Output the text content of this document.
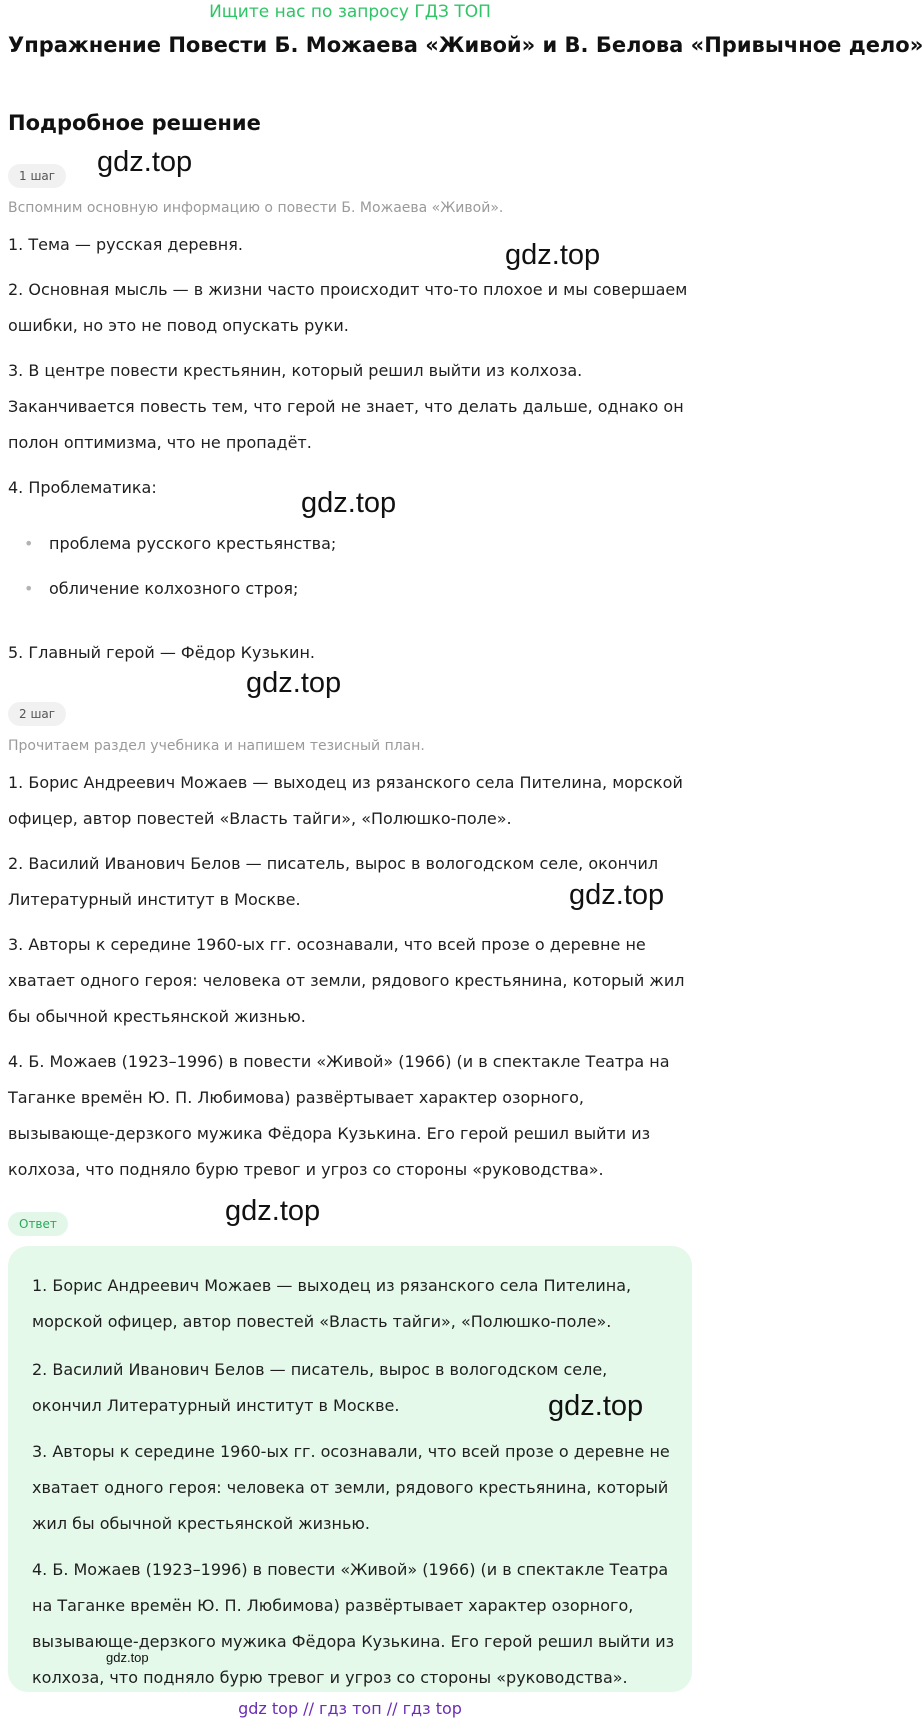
Ищите нас по запросу ГДЗ ТОП
Упражнение Повести Б. Можаева «Живой» и В. Белова «Привычное дело»
Подробное решение
1 шаг
Вспомним основную информацию о повести Б. Можаева «Живой».
1. Тема — русская деревня.
2. Основная мысль — в жизни часто происходит что-то плохое и мы совершаем ошибки, но это не повод опускать руки.
3. В центре повести крестьянин, который решил выйти из колхоза. Заканчивается повесть тем, что герой не знает, что делать дальше, однако он полон оптимизма, что не пропадёт.
4. Проблематика:
• проблема русского крестьянства;
• обличение колхозного строя;
5. Главный герой — Фёдор Кузькин.
2 шаг
Прочитаем раздел учебника и напишем тезисный план.
1. Борис Андреевич Можаев — выходец из рязанского села Пителина, морской офицер, автор повестей «Власть тайги», «Полюшко-поле».
2. Василий Иванович Белов — писатель, вырос в вологодском селе, окончил Литературный институт в Москве.
3. Авторы к середине 1960-ых гг. осознавали, что всей прозе о деревне не хватает одного героя: человека от земли, рядового крестьянина, который жил бы обычной крестьянской жизнью.
4. Б. Можаев (1923–1996) в повести «Живой» (1966) (и в спектакле Театра на Таганке времён Ю. П. Любимова) развёртывает характер озорного, вызывающе-дерзкого мужика Фёдора Кузькина. Его герой решил выйти из колхоза, что подняло бурю тревог и угроз со стороны «руководства».
Ответ
1. Борис Андреевич Можаев — выходец из рязанского села Пителина, морской офицер, автор повестей «Власть тайги», «Полюшко-поле».
2. Василий Иванович Белов — писатель, вырос в вологодском селе, окончил Литературный институт в Москве.
3. Авторы к середине 1960-ых гг. осознавали, что всей прозе о деревне не хватает одного героя: человека от земли, рядового крестьянина, который жил бы обычной крестьянской жизнью.
4. Б. Можаев (1923–1996) в повести «Живой» (1966) (и в спектакле Театра на Таганке времён Ю. П. Любимова) развёртывает характер озорного, вызывающе-дерзкого мужика Фёдора Кузькина. Его герой решил выйти из колхоза, что подняло бурю тревог и угроз со стороны «руководства».
gdz.top
gdz.top
gdz.top
gdz.top
gdz.top
gdz.top
gdz.top
gdz.top
gdz top // гдз топ // гдз top
